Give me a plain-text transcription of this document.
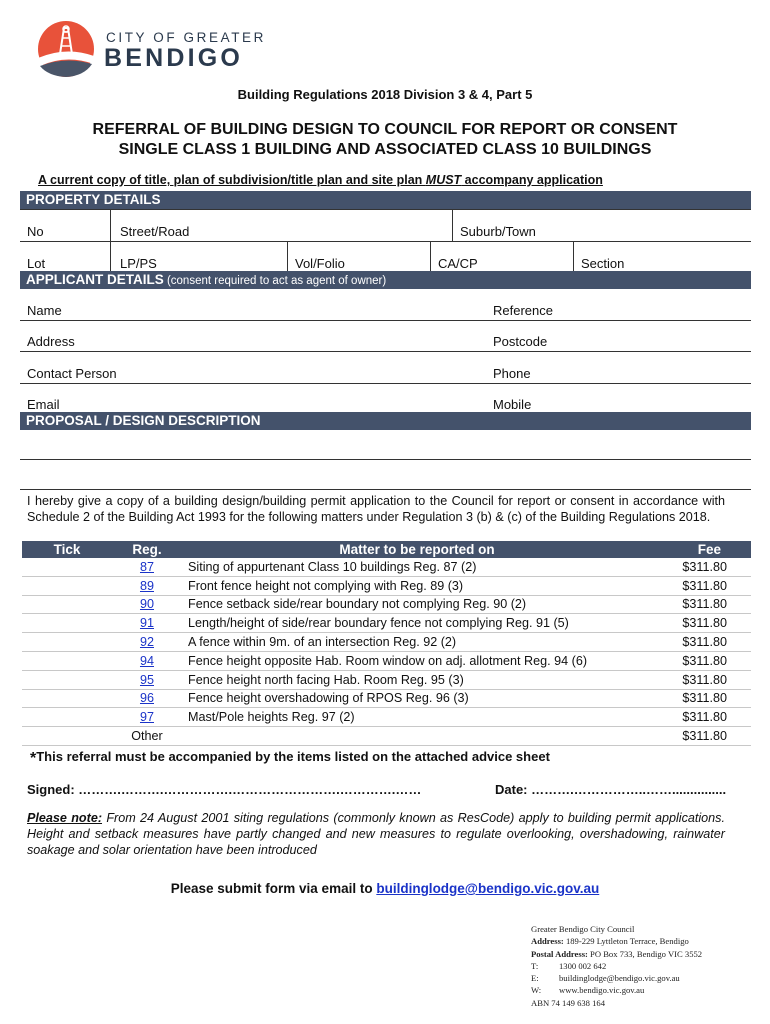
CITY OF GREATER
BENDIGO
Building Regulations 2018 Division 3 & 4, Part 5
REFERRAL OF BUILDING DESIGN TO COUNCIL FOR REPORT OR CONSENT
SINGLE CLASS 1 BUILDING AND ASSOCIATED CLASS 10 BUILDINGS
A current copy of title, plan of subdivision/title plan and site plan MUST accompany application
PROPERTY DETAILS
No	Street/Road	Suburb/Town
Lot	LP/PS	Vol/Folio	CA/CP	Section
APPLICANT DETAILS (consent required to act as agent of owner)
Name	Reference
Address	Postcode
Contact Person	Phone
Email	Mobile
PROPOSAL / DESIGN DESCRIPTION
I hereby give a copy of a building design/building permit application to the Council for report or consent in accordance with Schedule 2 of the Building Act 1993 for the following matters under Regulation 3 (b) & (c) of the Building Regulations 2018.
Tick	Reg.	Matter to be reported on	Fee
	87	Siting of appurtenant Class 10 buildings Reg. 87 (2)	$311.80
	89	Front fence height not complying with Reg. 89 (3)	$311.80
	90	Fence setback side/rear boundary not complying Reg. 90 (2)	$311.80
	91	Length/height of side/rear boundary fence not complying Reg. 91 (5)	$311.80
	92	A fence within 9m. of an intersection Reg. 92 (2)	$311.80
	94	Fence height opposite Hab. Room window on adj. allotment Reg. 94 (6)	$311.80
	95	Fence height north facing Hab. Room Reg. 95 (3)	$311.80
	96	Fence height overshadowing of RPOS Reg. 96 (3)	$311.80
	97	Mast/Pole heights Reg. 97 (2)	$311.80
	Other		$311.80
*This referral must be accompanied by the items listed on the attached advice sheet
Signed: ……….……….…………….…………………….………….……	Date: ……….……………..……...............
Please note: From 24 August 2001 siting regulations (commonly known as ResCode) apply to building permit applications. Height and setback measures have partly changed and new measures to regulate overlooking, overshadowing, rainwater soakage and solar orientation have been introduced
Please submit form via email to buildinglodge@bendigo.vic.gov.au
Greater Bendigo City Council
Address: 189-229 Lyttleton Terrace, Bendigo
Postal Address: PO Box 733, Bendigo VIC 3552
T: 1300 002 642
E: buildinglodge@bendigo.vic.gov.au
W: www.bendigo.vic.gov.au
ABN 74 149 638 164
